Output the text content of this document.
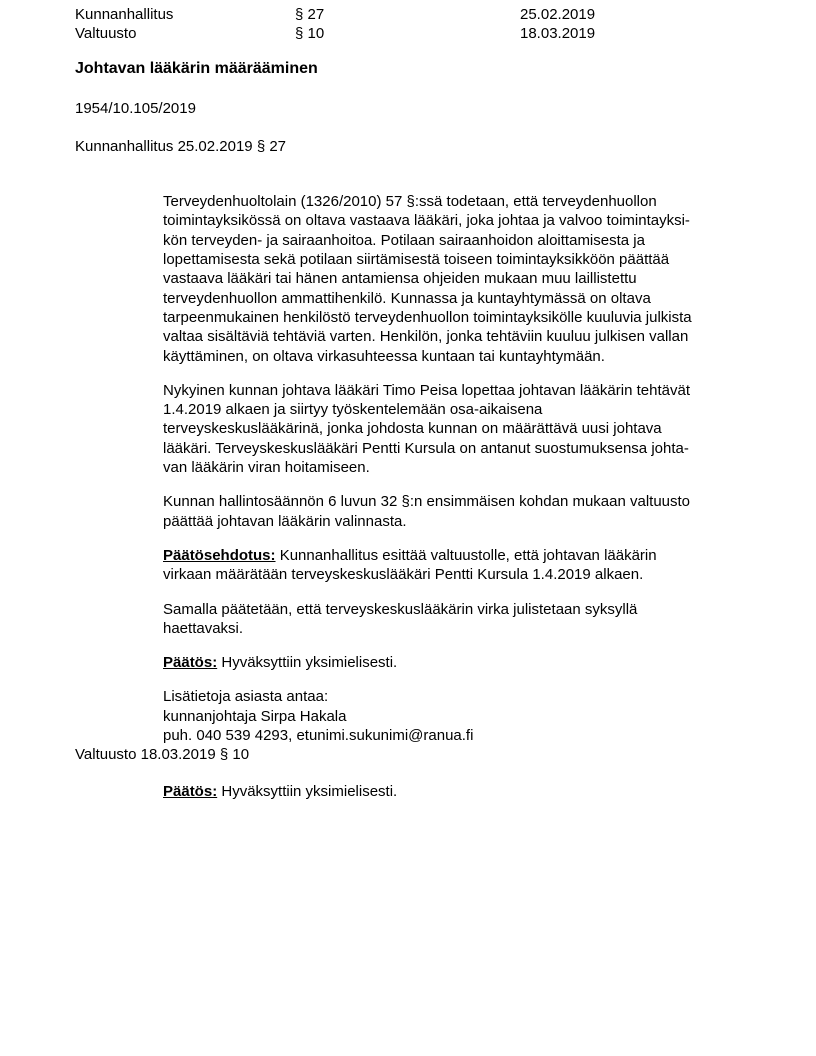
Kunnanhallitus	§ 27	25.02.2019
Valtuusto	§ 10	18.03.2019
Johtavan lääkärin määrääminen
1954/10.105/2019
Kunnanhallitus 25.02.2019 § 27
Terveydenhuoltolain (1326/2010) 57 §:ssä todetaan, että terveydenhuollon
toimintayksikössä on oltava vastaava lääkäri, joka johtaa ja valvoo toimintayksi-
kön terveyden- ja sairaanhoitoa. Potilaan sairaanhoidon aloittamisesta ja
lopettamisesta sekä potilaan siirtämisestä toiseen toimintayksikköön päättää
vastaava lääkäri tai hänen antamiensa ohjeiden mukaan muu laillistettu
terveydenhuollon ammattihenkilö. Kunnassa ja kuntayhtymässä on oltava
tarpeenmukainen henkilöstö terveydenhuollon toimintayksikölle kuuluvia julkista
valtaa sisältäviä tehtäviä varten. Henkilön, jonka tehtäviin kuuluu julkisen vallan
käyttäminen, on oltava virkasuhteessa kuntaan tai kuntayhtymään.
Nykyinen kunnan johtava lääkäri Timo Peisa lopettaa johtavan lääkärin tehtävät
1.4.2019 alkaen ja siirtyy työskentelemään osa-aikaisena
terveyskeskuslääkärinä, jonka johdosta kunnan on määrättävä uusi johtava
lääkäri. Terveyskeskuslääkäri Pentti Kursula on antanut suostumuksensa johta-
van lääkärin viran hoitamiseen.
Kunnan hallintosäännön 6 luvun 32 §:n ensimmäisen kohdan mukaan valtuusto
päättää johtavan lääkärin valinnasta.
Päätösehdotus: Kunnanhallitus esittää valtuustolle, että johtavan lääkärin
virkaan määrätään terveyskeskuslääkäri Pentti Kursula 1.4.2019 alkaen.
Samalla päätetään, että terveyskeskuslääkärin virka julistetaan syksyllä
haettavaksi.
Päätös: Hyväksyttiin yksimielisesti.
Lisätietoja asiasta antaa:
kunnanjohtaja Sirpa Hakala
puh. 040 539 4293, etunimi.sukunimi@ranua.fi
Valtuusto 18.03.2019 § 10
Päätös: Hyväksyttiin yksimielisesti.
